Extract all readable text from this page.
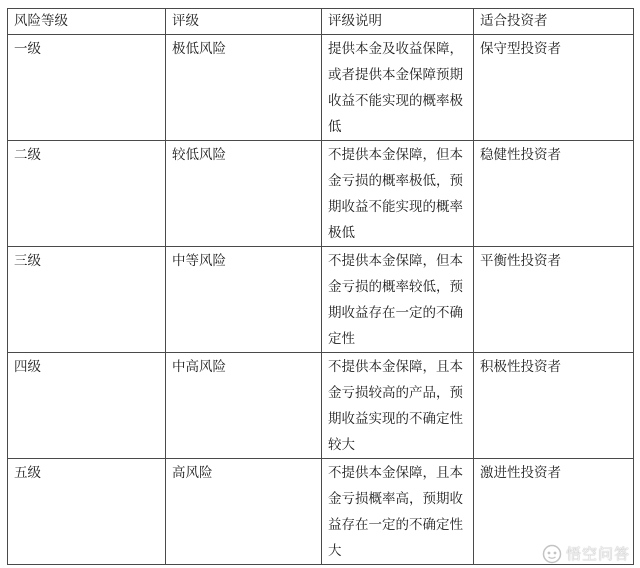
风险等级	评级	评级说明	适合投资者
一级	极低风险	提供本金及收益保障，或者提供本金保障预期收益不能实现的概率极低	保守型投资者
二级	较低风险	不提供本金保障，但本金亏损的概率极低，预期收益不能实现的概率极低	稳健性投资者
三级	中等风险	不提供本金保障，但本金亏损的概率较低，预期收益存在一定的不确定性	平衡性投资者
四级	中高风险	不提供本金保障，且本金亏损较高的产品，预期收益实现的不确定性较大	积极性投资者
五级	高风险	不提供本金保障，且本金亏损概率高，预期收益存在一定的不确定性大	激进性投资者
悟空问答
